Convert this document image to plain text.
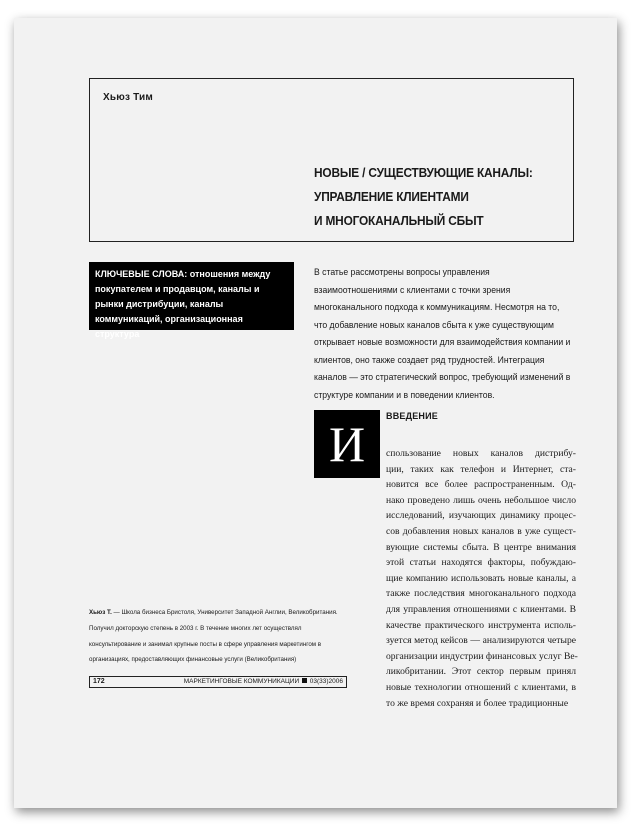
Хьюз Тим
НОВЫЕ / СУЩЕСТВУЮЩИЕ КАНАЛЫ:
УПРАВЛЕНИЕ КЛИЕНТАМИ
И МНОГОКАНАЛЬНЫЙ СБЫТ
КЛЮЧЕВЫЕ СЛОВА: отношения между покупателем и продавцом, каналы и рынки дистрибуции, каналы коммуникаций, организационная структура
В статье рассмотрены вопросы управления взаимоотношениями с клиентами с точки зрения многоканального подхода к коммуникациям. Несмотря на то, что добавление новых каналов сбыта к уже существующим открывает новые возможности для взаимодействия компании и клиентов, оно также создает ряд трудностей. Интеграция каналов — это стратегический вопрос, требующий изменений в структуре компании и в поведении клиентов.
И	ВВЕДЕНИЕ
спользование новых каналов дистрибу-
ции, таких как телефон и Интернет, ста-
новится все более распространенным. Од-
нако проведено лишь очень небольшое число
исследований, изучающих динамику процес-
сов добавления новых каналов в уже сущест-
вующие системы сбыта. В центре внимания
этой статьи находятся факторы, побуждаю-
щие компанию использовать новые каналы, а
также последствия многоканального подхода
для управления отношениями с клиентами. В
качестве практического инструмента исполь-
зуется метод кейсов — анализируются четыре
организации индустрии финансовых услуг Ве-
ликобритании. Этот сектор первым принял
новые технологии отношений с клиентами, в
то же время сохраняя и более традиционные
Хьюз Т. — Школа бизнеса Бристоля, Университет Западной Англии, Великобритания. Получил докторскую степень в 2003 г. В течение многих лет осуществлял консультирование и занимал крупные посты в сфере управления маркетингом в организациях, предоставляющих финансовые услуги (Великобритания)
172	МАРКЕТИНГОВЫЕ КОММУНИКАЦИИ 03(33)2006
